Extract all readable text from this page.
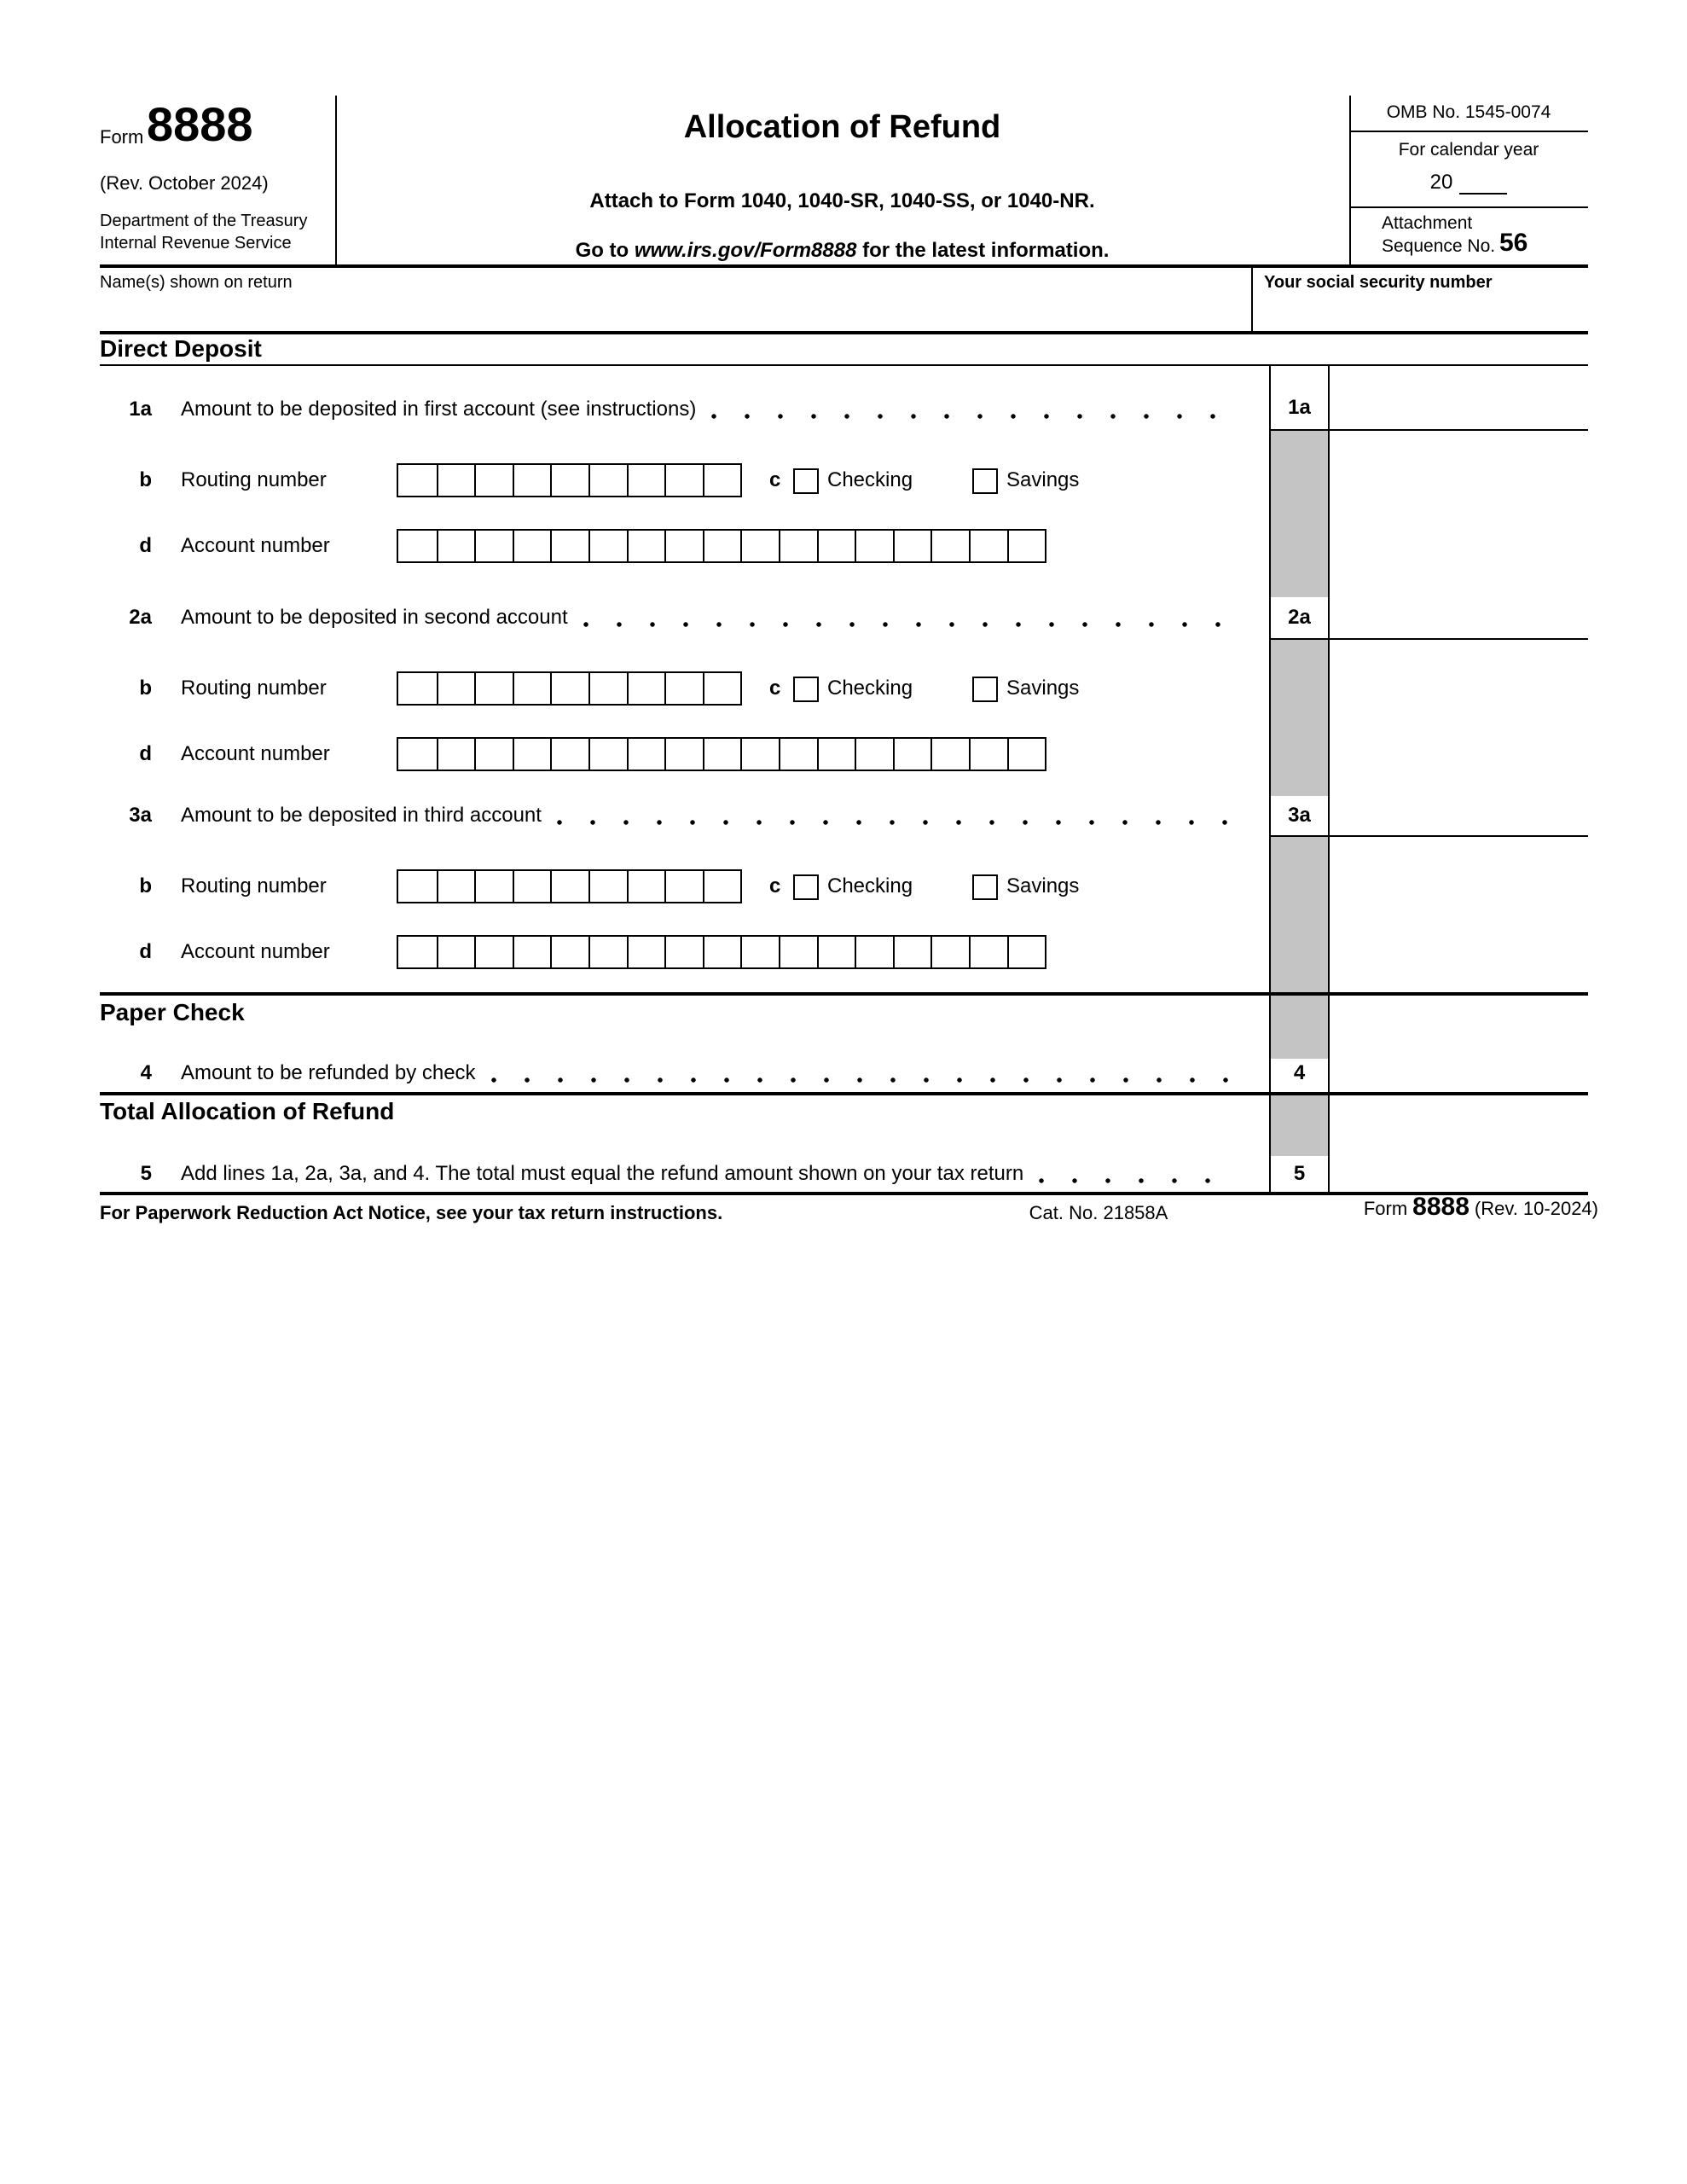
Form 8888
(Rev. October 2024)
Department of the Treasury
Internal Revenue Service
Allocation of Refund
Attach to Form 1040, 1040-SR, 1040-SS, or 1040-NR.
Go to www.irs.gov/Form8888 for the latest information.
OMB No. 1545-0074
For calendar year
20
Attachment
Sequence No. 56
Name(s) shown on return	Your social security number
Direct Deposit
1a Amount to be deposited in first account (see instructions)	1a
b Routing number	c Checking	Savings
d Account number
2a Amount to be deposited in second account	2a
b Routing number	c Checking	Savings
d Account number
3a Amount to be deposited in third account	3a
b Routing number	c Checking	Savings
d Account number
Paper Check
4 Amount to be refunded by check	4
Total Allocation of Refund
5 Add lines 1a, 2a, 3a, and 4. The total must equal the refund amount shown on your tax return	5
For Paperwork Reduction Act Notice, see your tax return instructions.	Cat. No. 21858A	Form 8888 (Rev. 10-2024)
